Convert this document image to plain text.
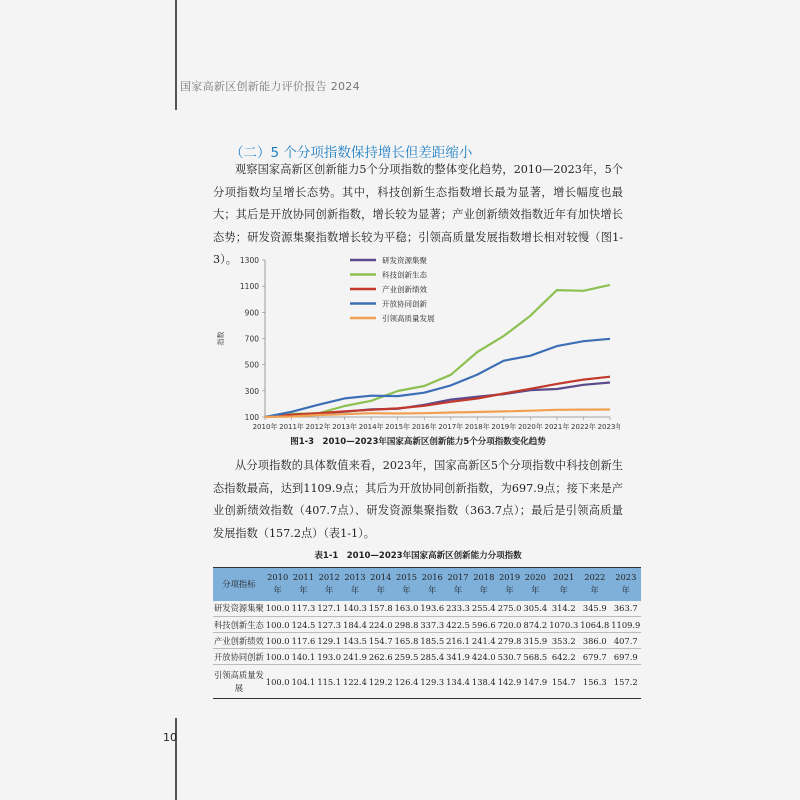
国家高新区创新能力评价报告 2024
（二）5 个分项指数保持增长但差距缩小
观察国家高新区创新能力5个分项指数的整体变化趋势，2010—2023年，5个分项指数均呈增长态势。其中，科技创新生态指数增长最为显著，增长幅度也最大；其后是开放协同创新指数，增长较为显著；产业创新绩效指数近年有加快增长态势；研发资源集聚指数增长较为平稳；引领高质量发展指数增长相对较慢（图1-3）。
100
300
500
700
900
1100
1300
指数
2010年 2011年 2012年 2013年 2014年 2015年 2016年 2017年 2018年 2019年 2020年 2021年 2022年 2023年
研发资源集聚
科技创新生态
产业创新绩效
开放协同创新
引领高质量发展
图1-3　2010—2023年国家高新区创新能力5个分项指数变化趋势
从分项指数的具体数值来看，2023年，国家高新区5个分项指数中科技创新生态指数最高，达到1109.9点；其后为开放协同创新指数，为697.9点；接下来是产业创新绩效指数（407.7点）、研发资源集聚指数（363.7点）；最后是引领高质量发展指数（157.2点）（表1-1）。
表1-1　2010—2023年国家高新区创新能力分项指数
分项指标	2010年	2011年	2012年	2013年	2014年	2015年	2016年	2017年	2018年	2019年	2020年	2021年	2022年	2023年
研发资源集聚	100.0	117.3	127.1	140.3	157.8	163.0	193.6	233.3	255.4	275.0	305.4	314.2	345.9	363.7
科技创新生态	100.0	124.5	127.3	184.4	224.0	298.8	337.3	422.5	596.6	720.0	874.2	1070.3	1064.8	1109.9
产业创新绩效	100.0	117.6	129.1	143.5	154.7	165.8	185.5	216.1	241.4	279.8	315.9	353.2	386.0	407.7
开放协同创新	100.0	140.1	193.0	241.9	262.6	259.5	285.4	341.9	424.0	530.7	568.5	642.2	679.7	697.9
引领高质量发展	100.0	104.1	115.1	122.4	129.2	126.4	129.3	134.4	138.4	142.9	147.9	154.7	156.3	157.2
10
